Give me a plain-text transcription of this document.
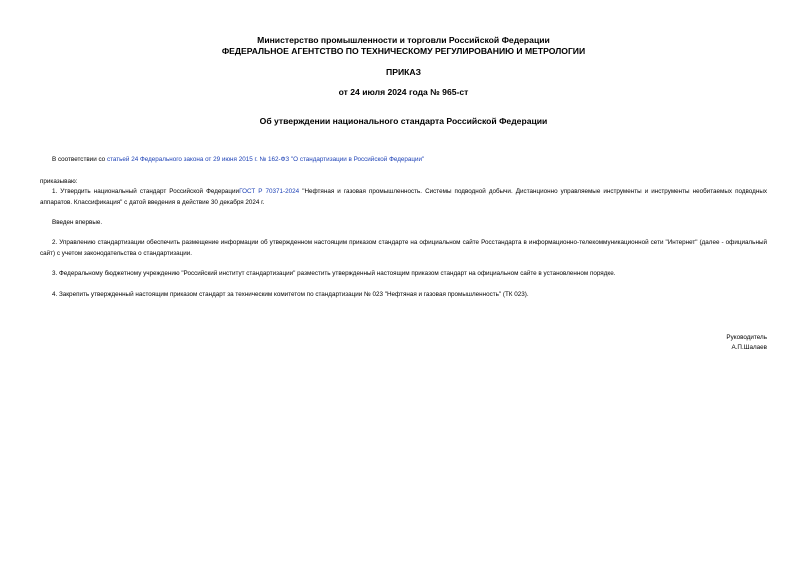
Министерство промышленности и торговли Российской Федерации
ФЕДЕРАЛЬНОЕ АГЕНТСТВО ПО ТЕХНИЧЕСКОМУ РЕГУЛИРОВАНИЮ И МЕТРОЛОГИИ
ПРИКАЗ
от 24 июля 2024 года № 965-ст
Об утверждении национального стандарта Российской Федерации
В соответствии со статьей 24 Федерального закона от 29 июня 2015 г. № 162-ФЗ "О стандартизации в Российской Федерации"
приказываю:
1. Утвердить национальный стандарт Российской ФедерацииГОСТ Р 70371-2024 "Нефтяная и газовая промышленность. Системы подводной добычи. Дистанционно управляемые инструменты и инструменты необитаемых подводных аппаратов. Классификация" с датой введения в действие 30 декабря 2024 г.
Введен впервые.
2. Управлению стандартизации обеспечить размещение информации об утвержденном настоящим приказом стандарте на официальном сайте Росстандарта в информационно-телекоммуникационной сети "Интернет" (далее - официальный сайт) с учетом законодательства о стандартизации.
3. Федеральному бюджетному учреждению "Российский институт стандартизации" разместить утвержденный настоящим приказом стандарт на официальном сайте в установленном порядке.
4. Закрепить утвержденный настоящим приказом стандарт за техническим комитетом по стандартизации № 023 "Нефтяная и газовая промышленность" (ТК 023).
Руководитель
А.П.Шалаев
